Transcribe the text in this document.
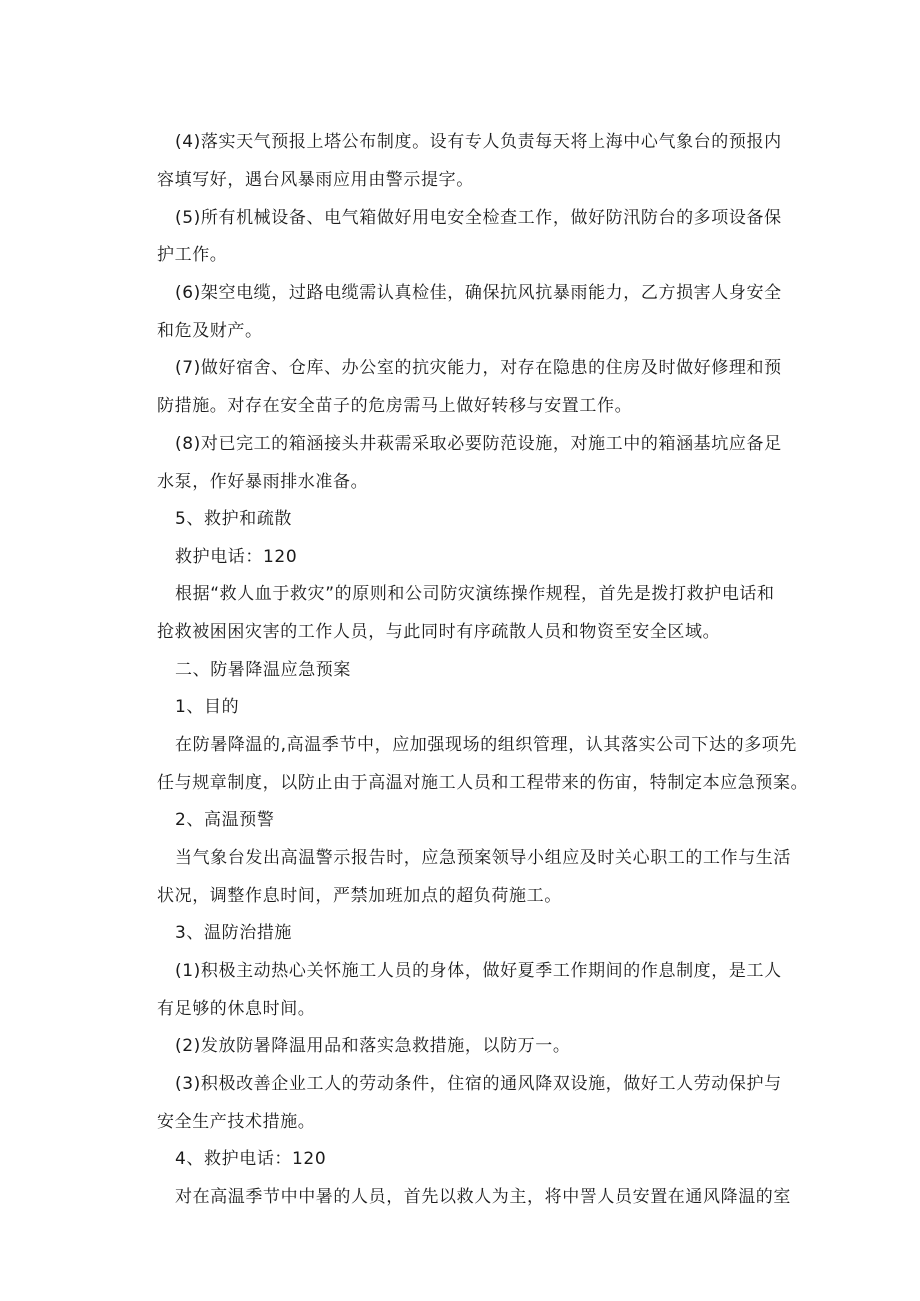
(4)落实天气预报上塔公布制度。设有专人负责每天将上海中心气象台的预报内
容填写好，遇台风暴雨应用由警示提字。
(5)所有机械设备、电气箱做好用电安全检查工作，做好防汛防台的多项设备保
护工作。
(6)架空电缆，过路电缆需认真检佳，确保抗风抗暴雨能力，乙方损害人身安全
和危及财产。
(7)做好宿舍、仓库、办公室的抗灾能力，对存在隐患的住房及时做好修理和预
防措施。对存在安全苗子的危房需马上做好转移与安置工作。
(8)对已完工的箱涵接头井萩需采取必要防范设施，对施工中的箱涵基坑应备足
水泵，作好暴雨排水准备。
5、救护和疏散
救护电话：120
根据“救人血于救灾”的原则和公司防灾演练操作规程，首先是拨打救护电话和
抢救被困困灾害的工作人员，与此同时有序疏散人员和物资至安全区域。
二、防暑降温应急预案
1、目的
在防暑降温的,高温季节中，应加强现场的组织管理，认其落实公司下达的多项先
任与规章制度，以防止由于高温对施工人员和工程带来的伤宙，特制定本应急预案。
2、高温预警
当气象台发出高温警示报告时，应急预案领导小组应及时关心职工的工作与生活
状况，调整作息时间，严禁加班加点的超负荷施工。
3、温防治措施
(1)积极主动热心关怀施工人员的身体，做好夏季工作期间的作息制度，是工人
有足够的休息时间。
(2)发放防暑降温用品和落实急救措施，以防万一。
(3)积极改善企业工人的劳动条件，住宿的通风降双设施，做好工人劳动保护与
安全生产技术措施。
4、救护电话：120
对在高温季节中中暑的人员，首先以救人为主，将中詈人员安置在通风降温的室
